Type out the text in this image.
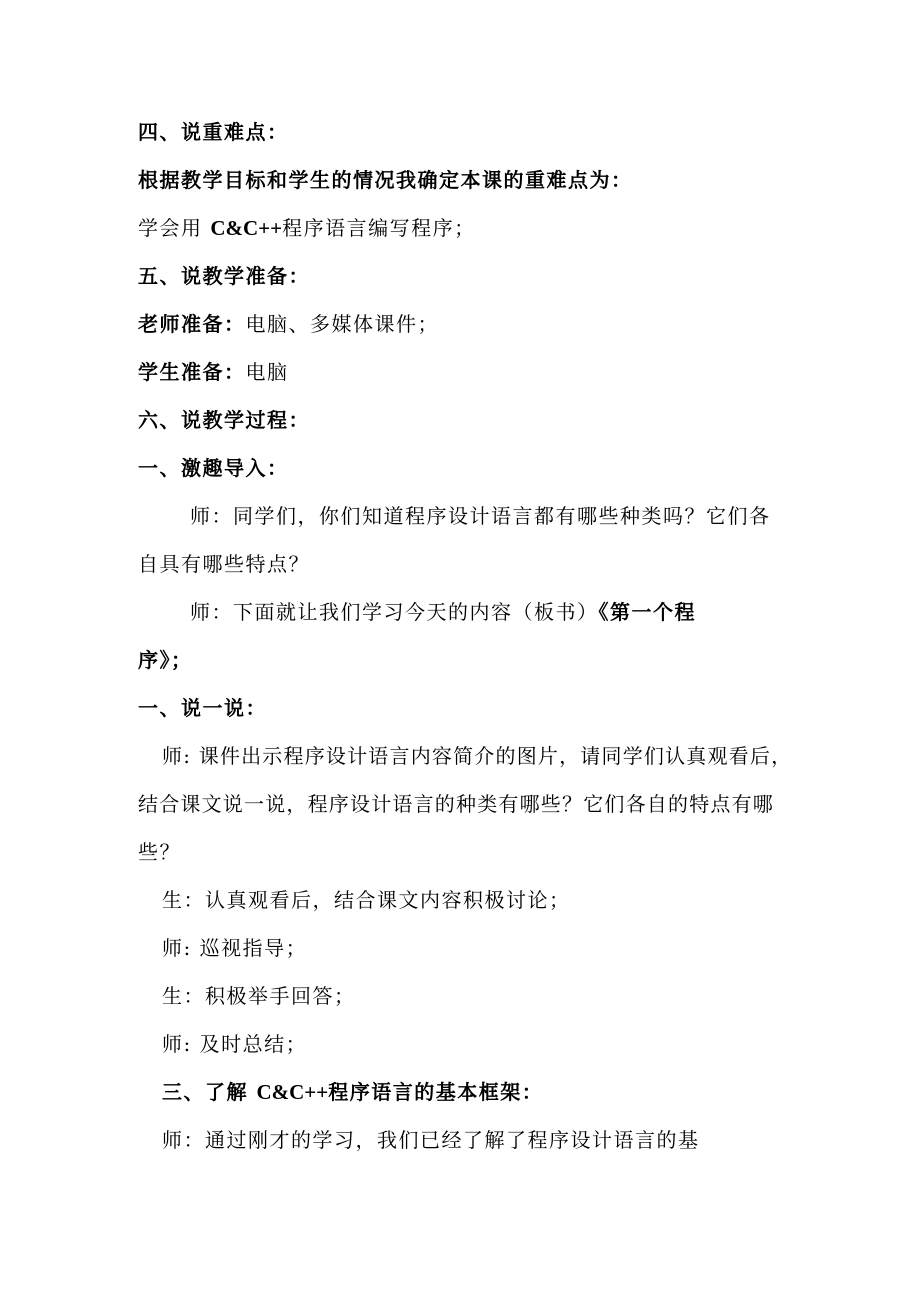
四、说重难点：
根据教学目标和学生的情况我确定本课的重难点为：
学会用 C&C++程序语言编写程序；
五、说教学准备：
老师准备：电脑、多媒体课件；
学生准备：电脑
六、说教学过程：
一、激趣导入：
师：同学们，你们知道程序设计语言都有哪些种类吗？它们各
自具有哪些特点？
师：下面就让我们学习今天的内容（板书）《第一个程
序》；
一、说一说：
师: 课件出示程序设计语言内容简介的图片，请同学们认真观看后，
结合课文说一说，程序设计语言的种类有哪些？它们各自的特点有哪
些？
生：认真观看后，结合课文内容积极讨论；
师: 巡视指导；
生：积极举手回答；
师: 及时总结；
三、了解 C&C++程序语言的基本框架：
师：通过刚才的学习，我们已经了解了程序设计语言的基
